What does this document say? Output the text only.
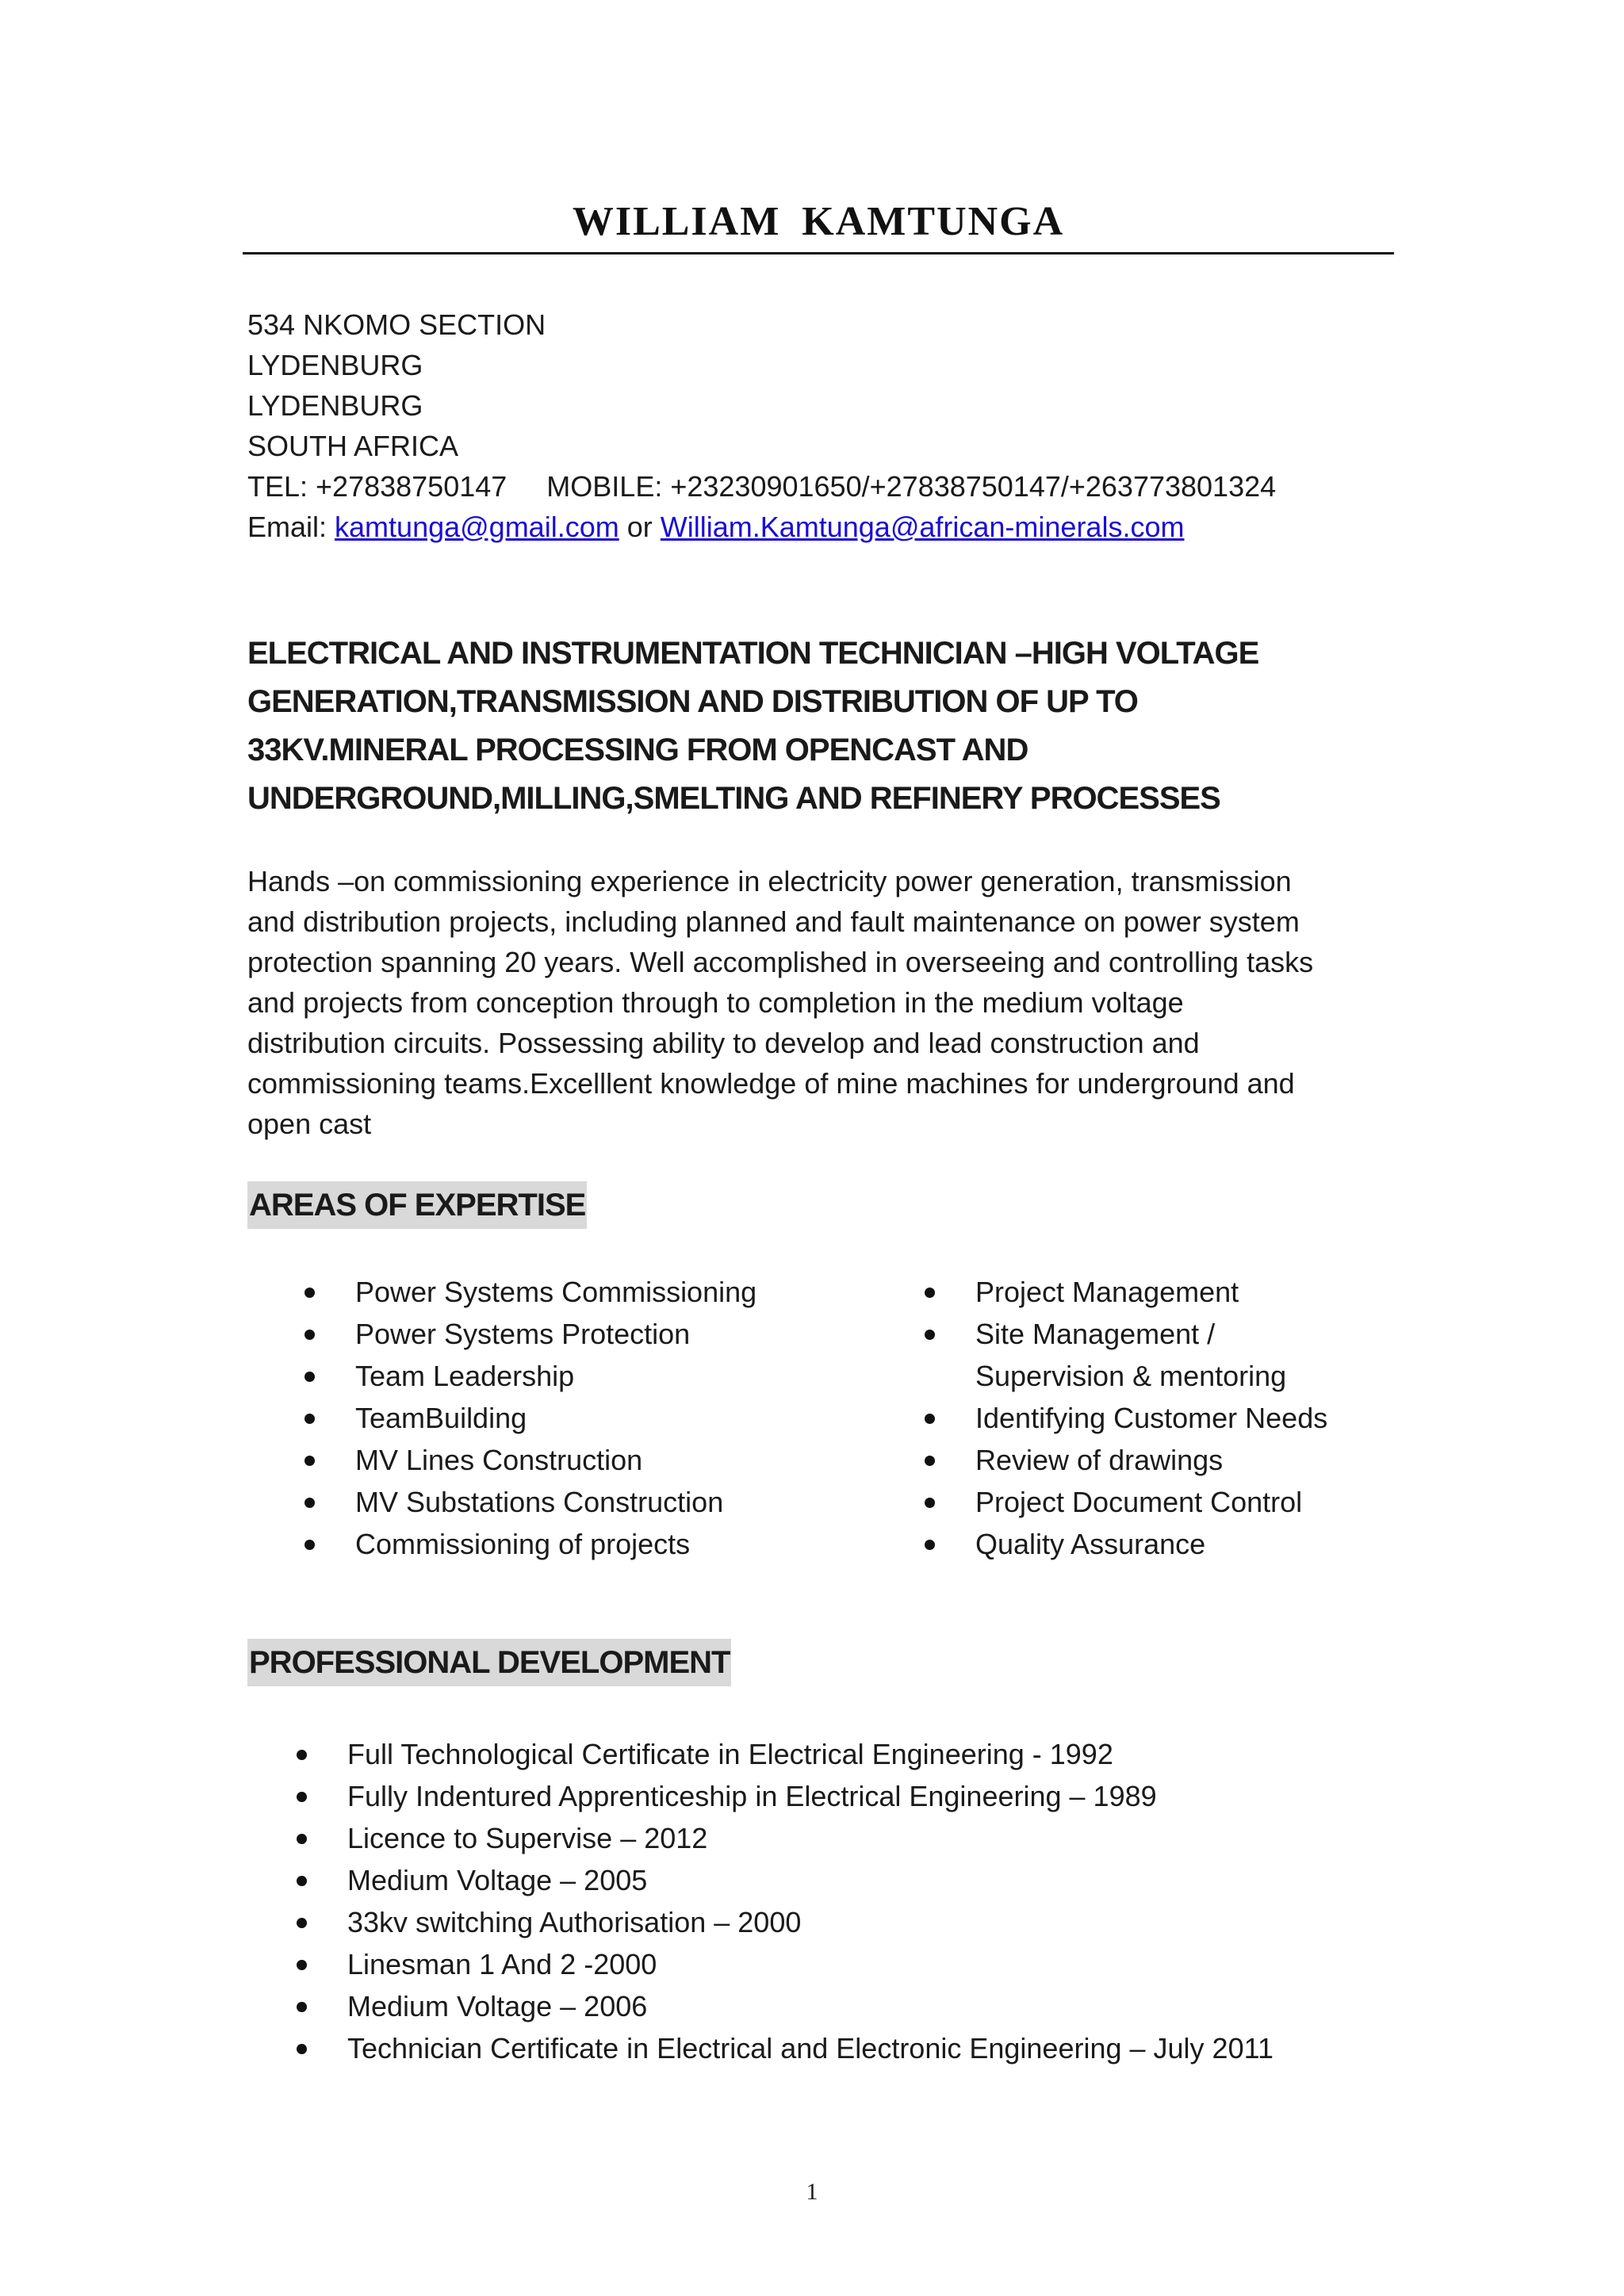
WILLIAM KAMTUNGA
534 NKOMO SECTION
LYDENBURG
LYDENBURG
SOUTH AFRICA
TEL: +27838750147 MOBILE: +23230901650/+27838750147/+263773801324
Email: kamtunga@gmail.com or William.Kamtunga@african-minerals.com
ELECTRICAL AND INSTRUMENTATION TECHNICIAN –HIGH VOLTAGE
GENERATION,TRANSMISSION AND DISTRIBUTION OF UP TO
33KV.MINERAL PROCESSING FROM OPENCAST AND
UNDERGROUND,MILLING,SMELTING AND REFINERY PROCESSES
Hands –on commissioning experience in electricity power generation, transmission
and distribution projects, including planned and fault maintenance on power system
protection spanning 20 years. Well accomplished in overseeing and controlling tasks
and projects from conception through to completion in the medium voltage
distribution circuits. Possessing ability to develop and lead construction and
commissioning teams.Excelllent knowledge of mine machines for underground and
open cast
AREAS OF EXPERTISE
Power Systems Commissioning
Power Systems Protection
Team Leadership
TeamBuilding
MV Lines Construction
MV Substations Construction
Commissioning of projects
Project Management
Site Management /
Supervision & mentoring
Identifying Customer Needs
Review of drawings
Project Document Control
Quality Assurance
PROFESSIONAL DEVELOPMENT
Full Technological Certificate in Electrical Engineering - 1992
Fully Indentured Apprenticeship in Electrical Engineering – 1989
Licence to Supervise – 2012
Medium Voltage – 2005
33kv switching Authorisation – 2000
Linesman 1 And 2 -2000
Medium Voltage – 2006
Technician Certificate in Electrical and Electronic Engineering – July 2011
1
